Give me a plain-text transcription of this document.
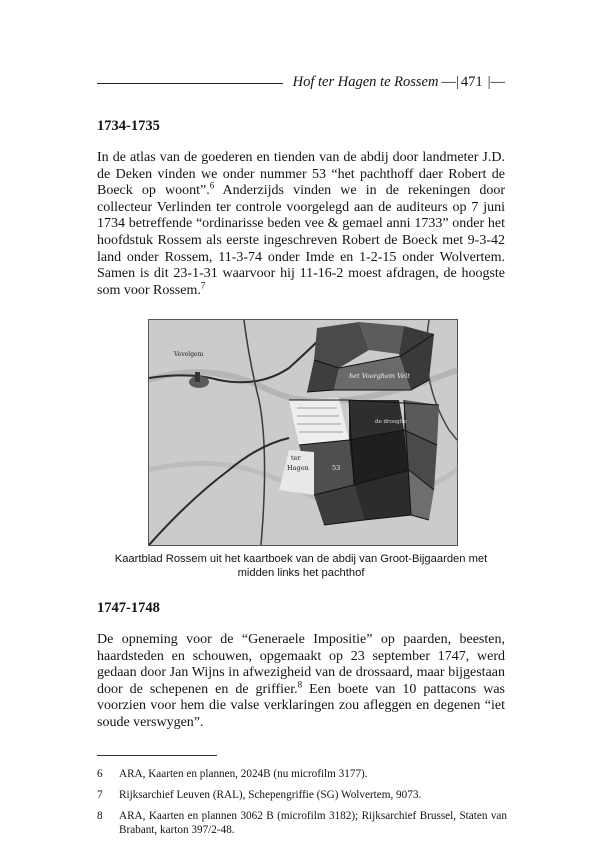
Hof ter Hagen te Rossem —| 471 |—
1734-1735
In de atlas van de goederen en tienden van de abdij door landmeter J.D. de Deken vinden we onder nummer 53 “het pachthoff daer Robert de Boeck op woont”.$^6$ Anderzijds vinden we in de rekeningen door collecteur Verlinden ter controle voorgelegd aan de auditeurs op 7 juni 1734 betreffende “ordinarisse beden vee & gemael anni 1733” onder het hoofdstuk Rossem als eerste ingeschreven Robert de Boeck met 9-3-42 land onder Rossem, 11-3-74 onder Imde en 1-2-15 onder Wolvertem. Samen is dit 23-1-31 waarvoor hij 11-16-2 moest afdragen, de hoogste som voor Rossem.$^7$
Vevelgem
het Voorghem Velt
de drooghe
ter
Hagen	53
Kaartblad Rossem uit het kaartboek van de abdij van Groot-Bijgaarden met midden links het pachthof
1747-1748
De opneming voor de “Generaele Impositie” op paarden, beesten, haardsteden en schouwen, opgemaakt op 23 september 1747, werd gedaan door Jan Wijns in afwezigheid van de drossaard, maar bijgestaan door de schepenen en de griffier.$^8$ Een boete van 10 pattacons was voorzien voor hem die valse verklaringen zou afleggen en degenen “iet soude verswygen”.
6	ARA, Kaarten en plannen, 2024B (nu microfilm 3177).
7	Rijksarchief Leuven (RAL), Schepengriffie (SG) Wolvertem, 9073.
8	ARA, Kaarten en plannen 3062 B (microfilm 3182); Rijksarchief Brussel, Staten van Brabant, karton 397/2-48.
